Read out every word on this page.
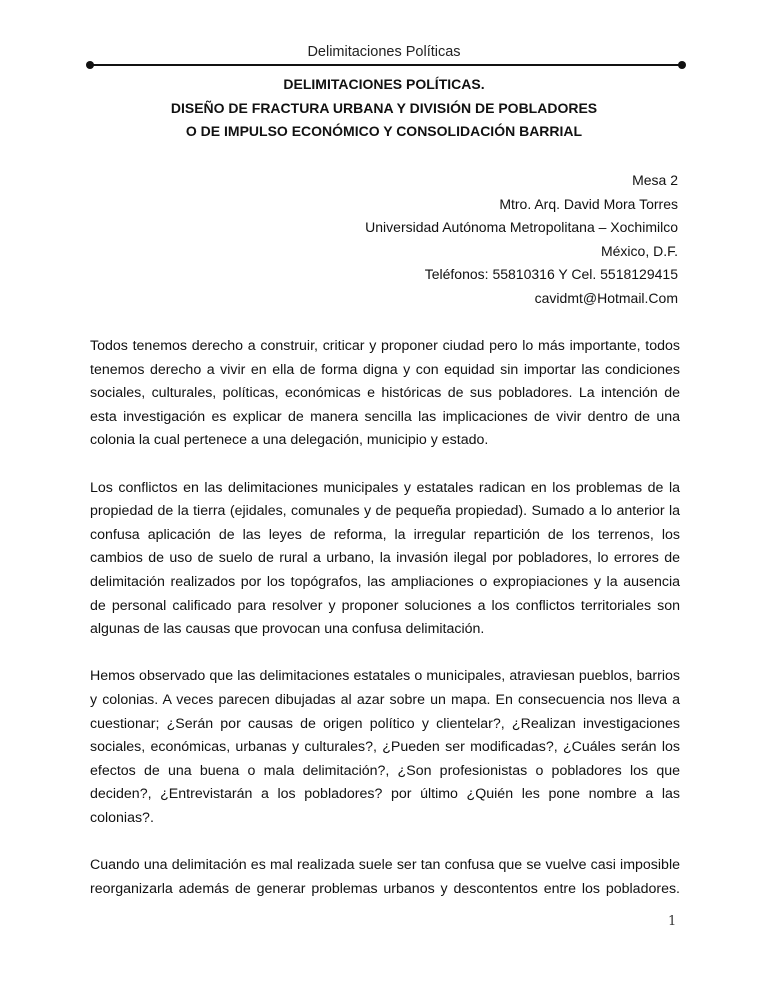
Delimitaciones Políticas
DELIMITACIONES POLÍTICAS.
DISEÑO DE FRACTURA URBANA Y DIVISIÓN DE POBLADORES
O DE IMPULSO ECONÓMICO Y CONSOLIDACIÓN BARRIAL
Mesa 2
Mtro. Arq. David Mora Torres
Universidad Autónoma Metropolitana – Xochimilco
México, D.F.
Teléfonos: 55810316 Y Cel. 5518129415
cavidmt@Hotmail.Com

Todos tenemos derecho a construir, criticar y proponer ciudad pero lo más importante, todos tenemos derecho a vivir en ella de forma digna y con equidad sin importar las condiciones sociales, culturales, políticas, económicas e históricas de sus pobladores. La intención de esta investigación es explicar de manera sencilla las implicaciones de vivir dentro de una colonia la cual pertenece a una delegación, municipio y estado.

Los conflictos en las delimitaciones municipales y estatales radican en los problemas de la propiedad de la tierra (ejidales, comunales y de pequeña propiedad). Sumado a lo anterior la confusa aplicación de las leyes de reforma, la irregular repartición de los terrenos, los cambios de uso de suelo de rural a urbano, la invasión ilegal por pobladores, lo errores de delimitación realizados por los topógrafos, las ampliaciones o expropiaciones y la ausencia de personal calificado para resolver y proponer soluciones a los conflictos territoriales son algunas de las causas que provocan una confusa delimitación.

Hemos observado que las delimitaciones estatales o municipales, atraviesan pueblos, barrios y colonias. A veces parecen dibujadas al azar sobre un mapa. En consecuencia nos lleva a cuestionar; ¿Serán por causas de origen político y clientelar?, ¿Realizan investigaciones sociales, económicas, urbanas y culturales?, ¿Pueden ser modificadas?, ¿Cuáles serán los efectos de una buena o mala delimitación?, ¿Son profesionistas o pobladores los que deciden?, ¿Entrevistarán a los pobladores? por último ¿Quién les pone nombre a las colonias?.

Cuando una delimitación es mal realizada suele ser tan confusa que se vuelve casi imposible reorganizarla además de generar problemas urbanos y descontentos entre los pobladores.

1
